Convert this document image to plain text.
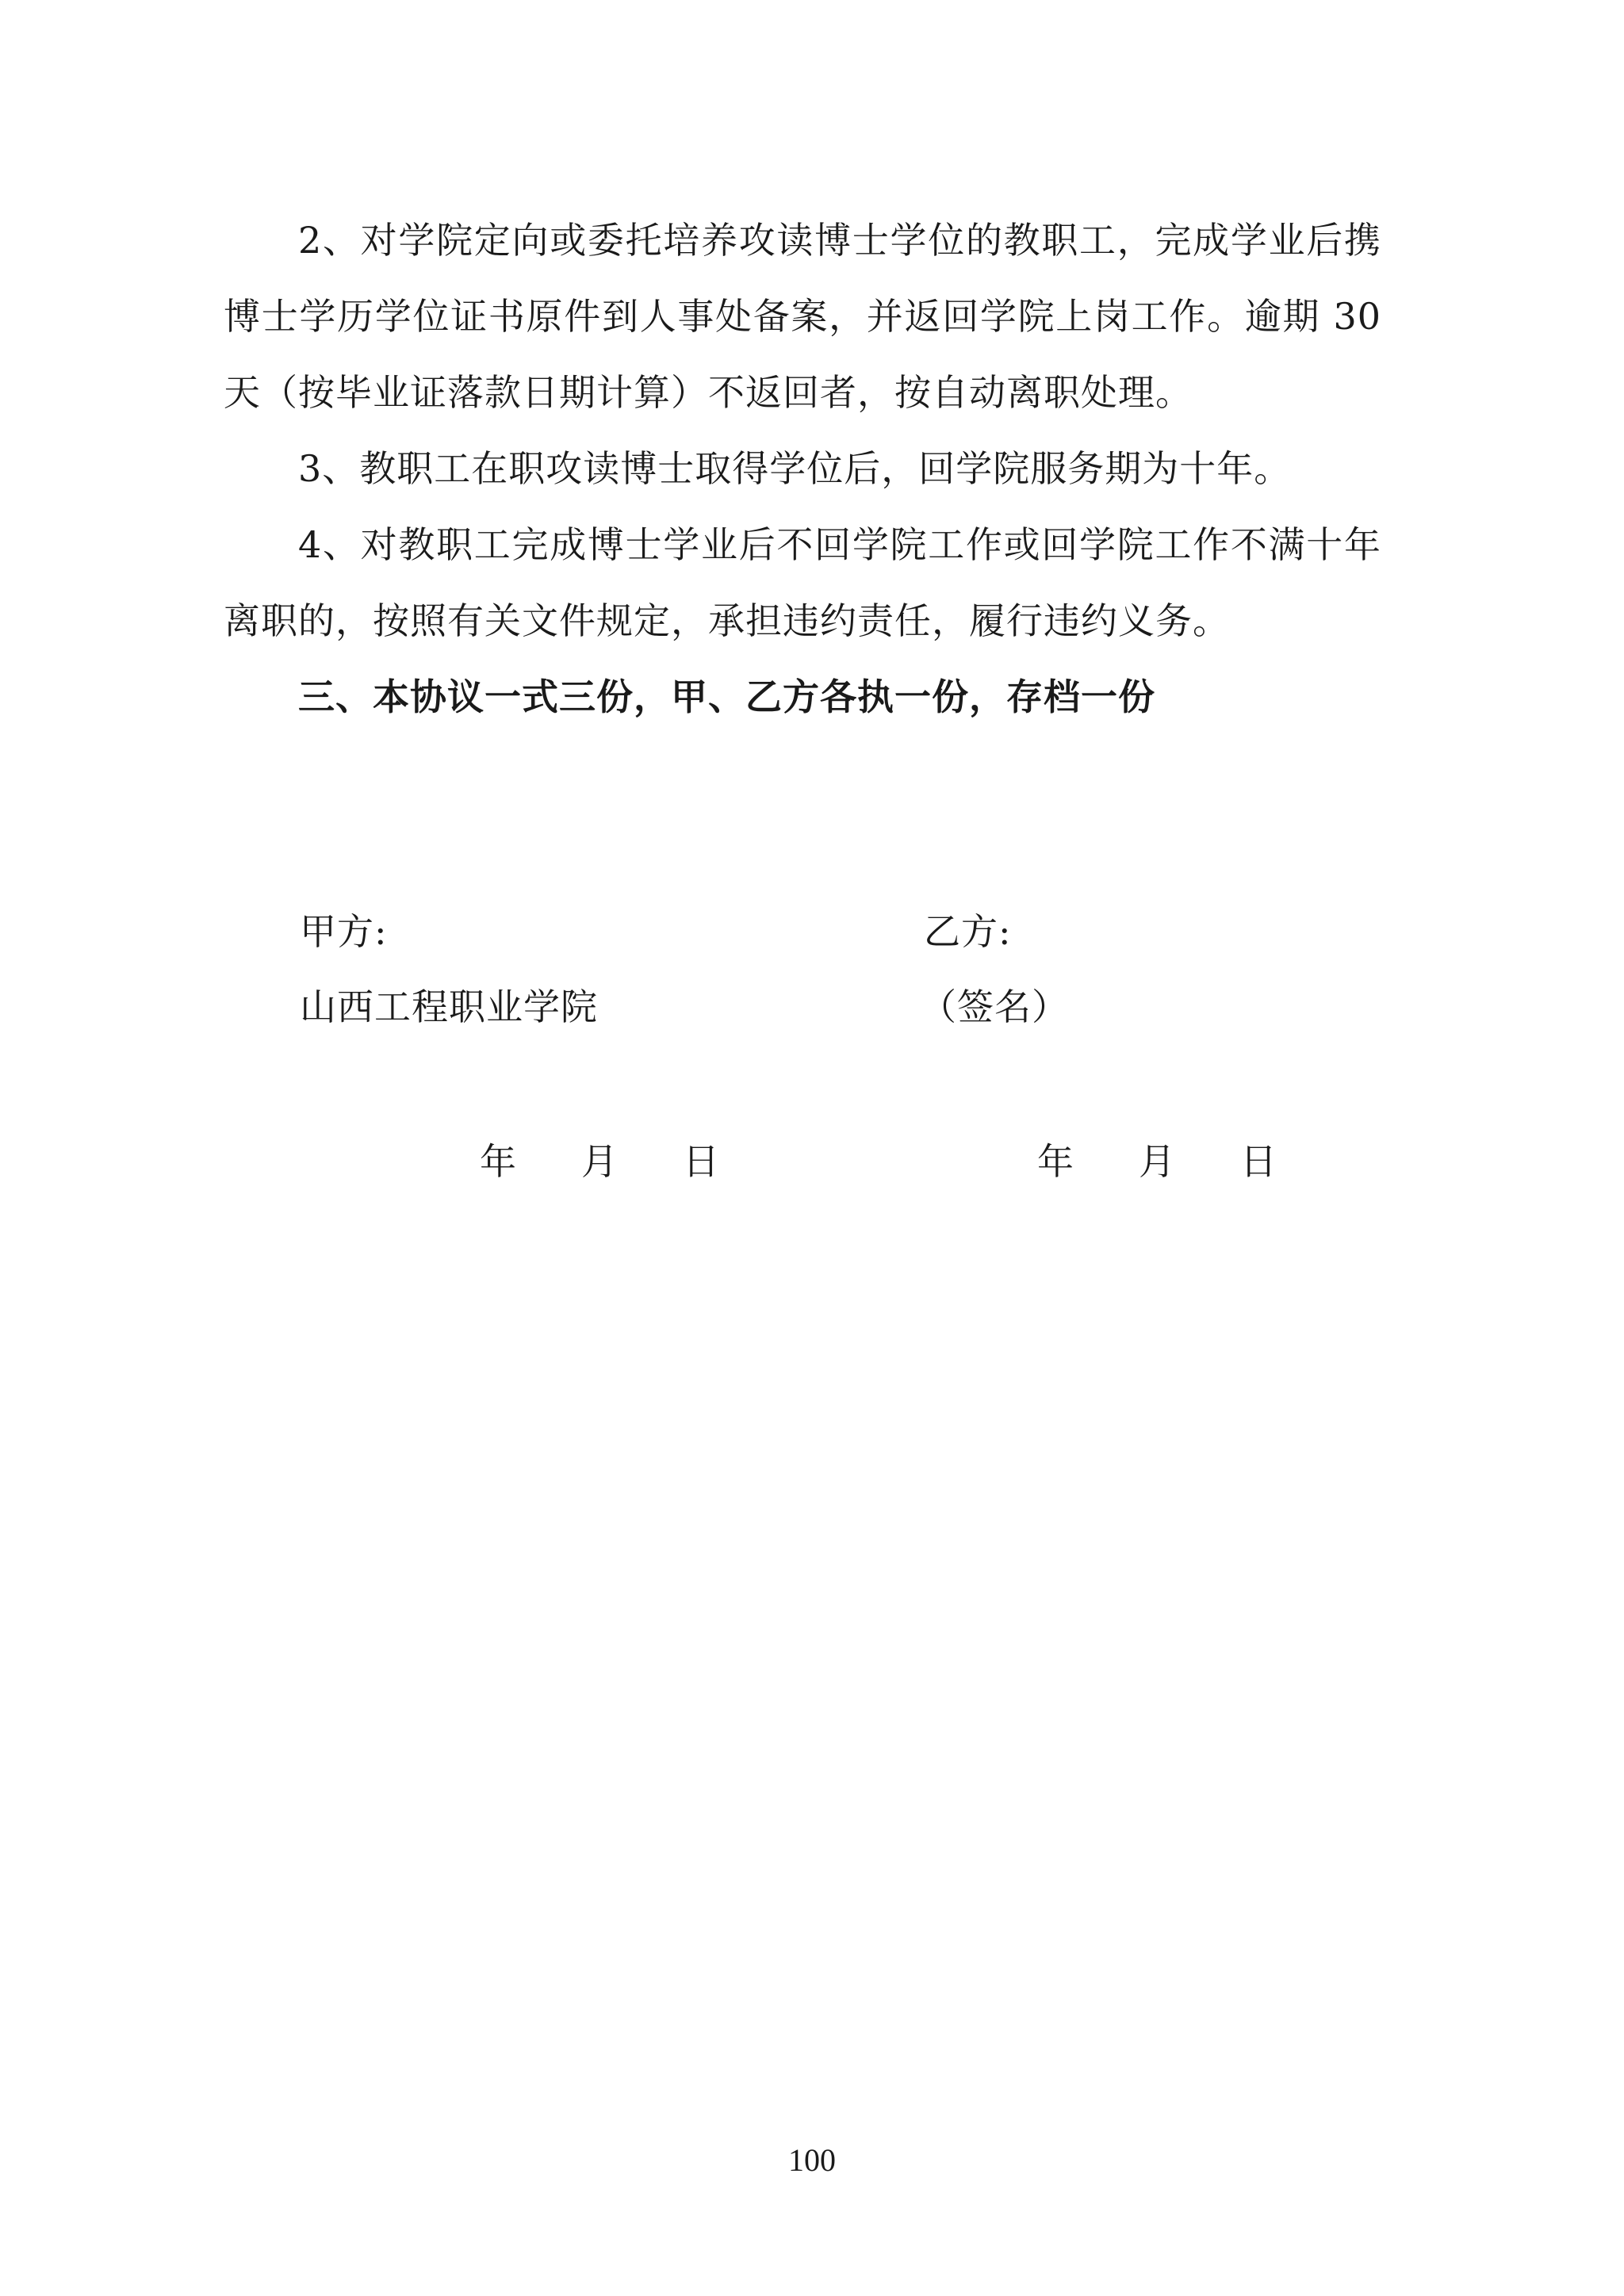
2、对学院定向或委托培养攻读博士学位的教职工，完成学业后携博士学历学位证书原件到人事处备案，并返回学院上岗工作。逾期 30 天（按毕业证落款日期计算）不返回者，按自动离职处理。

3、教职工在职攻读博士取得学位后，回学院服务期为十年。

4、对教职工完成博士学业后不回学院工作或回学院工作不满十年离职的，按照有关文件规定，承担违约责任，履行违约义务。

三、本协议一式三份，甲、乙方各执一份，存档一份

甲方:
山西工程职业学院
乙方:
（签名）
年 月 日	年 月 日
100
